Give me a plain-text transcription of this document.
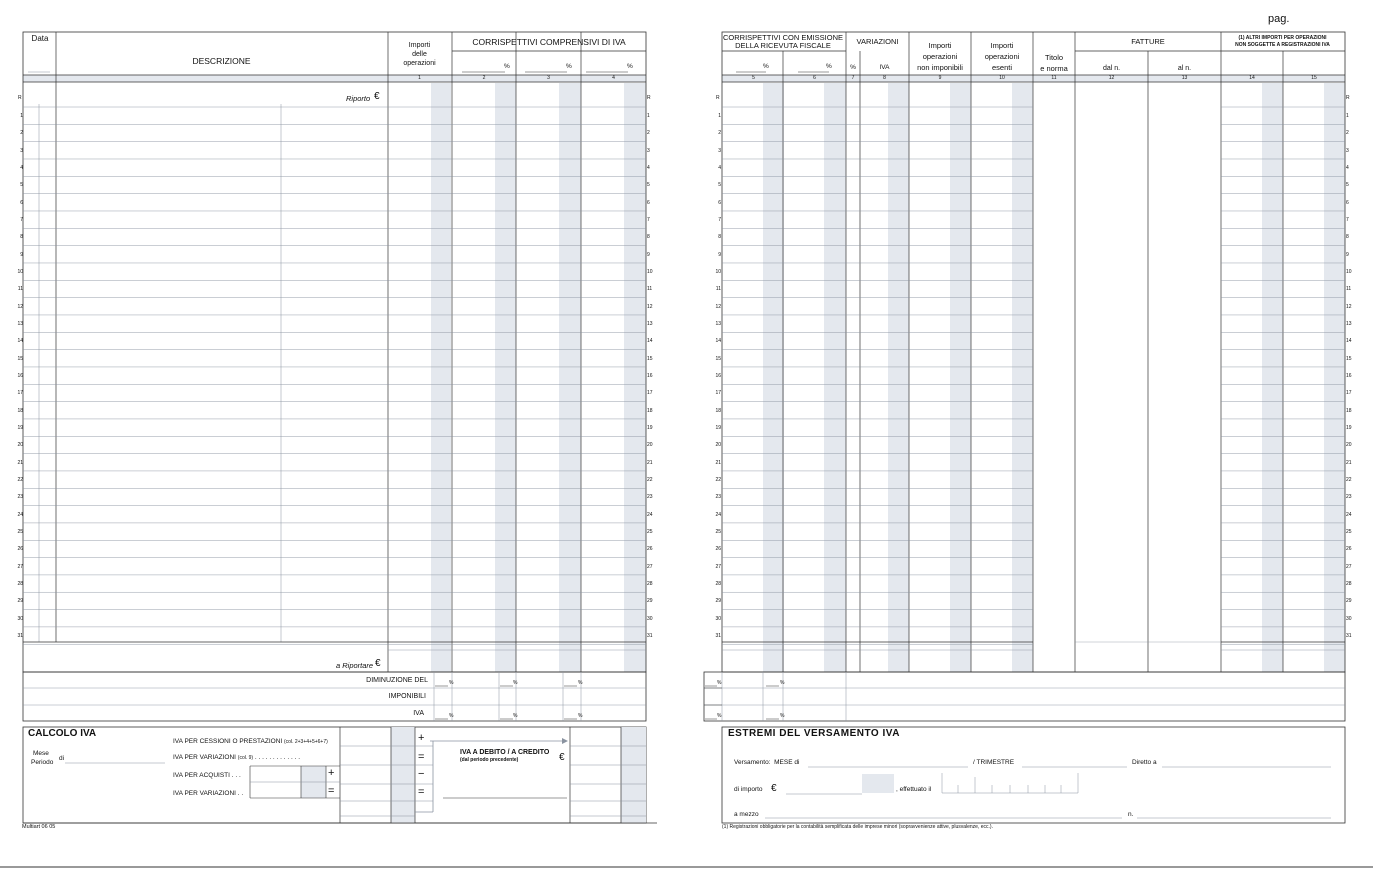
pag.
Data
DESCRIZIONE
Importi
delle
operazioni
CORRISPETTIVI COMPRENSIVI DI IVA
%	%	%
1	2	3	4
Riporto €
a Riportare €
R	R	R	R
1	1	1	1
2	2	2	2
3	3	3	3
4	4	4	4
5	5	5	5
6	6	6	6
7	7	7	7
8	8	8	8
9	9	9	9
10	10	10	10
11	11	11	11
12	12	12	12
13	13	13	13
14	14	14	14
15	15	15	15
16	16	16	16
17	17	17	17
18	18	18	18
19	19	19	19
20	20	20	20
21	21	21	21
22	22	22	22
23	23	23	23
24	24	24	24
25	25	25	25
26	26	26	26
27	27	27	27
28	28	28	28
29	29	29	29
30	30	30	30
31	31	31	31
DIMINUZIONE DEL
IMPONIBILI
IVA
%	%	%
%	%	%
%	%
%	%
CALCOLO IVA
Mese
Periodo
di
IVA PER CESSIONI O PRESTAZIONI (col. 2+3+4+5+6+7)
IVA PER VARIAZIONI (col. 9) . . . . . . . . . . . . .
IVA PER ACQUISTI . . .
IVA PER VARIAZIONI . .
+
=
−
=
+
=
IVA A DEBITO / A CREDITO
(dal periodo precedente)	€
Multiart 06 05
CORRISPETTIVI CON EMISSIONE
DELLA RICEVUTA FISCALE	VARIAZIONI
%	%	%	IVA
Importi
operazioni
non imponibili
Importi
operazioni
esenti
Titolo
e norma
FATTURE
dal n.	al n.
(1) ALTRI IMPORTI PER OPERAZIONI
NON SOGGETTE A REGISTRAZIONI IVA
5	6	7	8	9	10	11	12	13	14	15
ESTREMI DEL VERSAMENTO IVA
Versamento: MESE di	/ TRIMESTRE	Diretto a
di importo €	, effettuato il
a mezzo	n.
(1) Registrazioni obbligatorie per la contabilità semplificata delle imprese minori (sopravvenienze attive, plusvalenze, ecc.).
